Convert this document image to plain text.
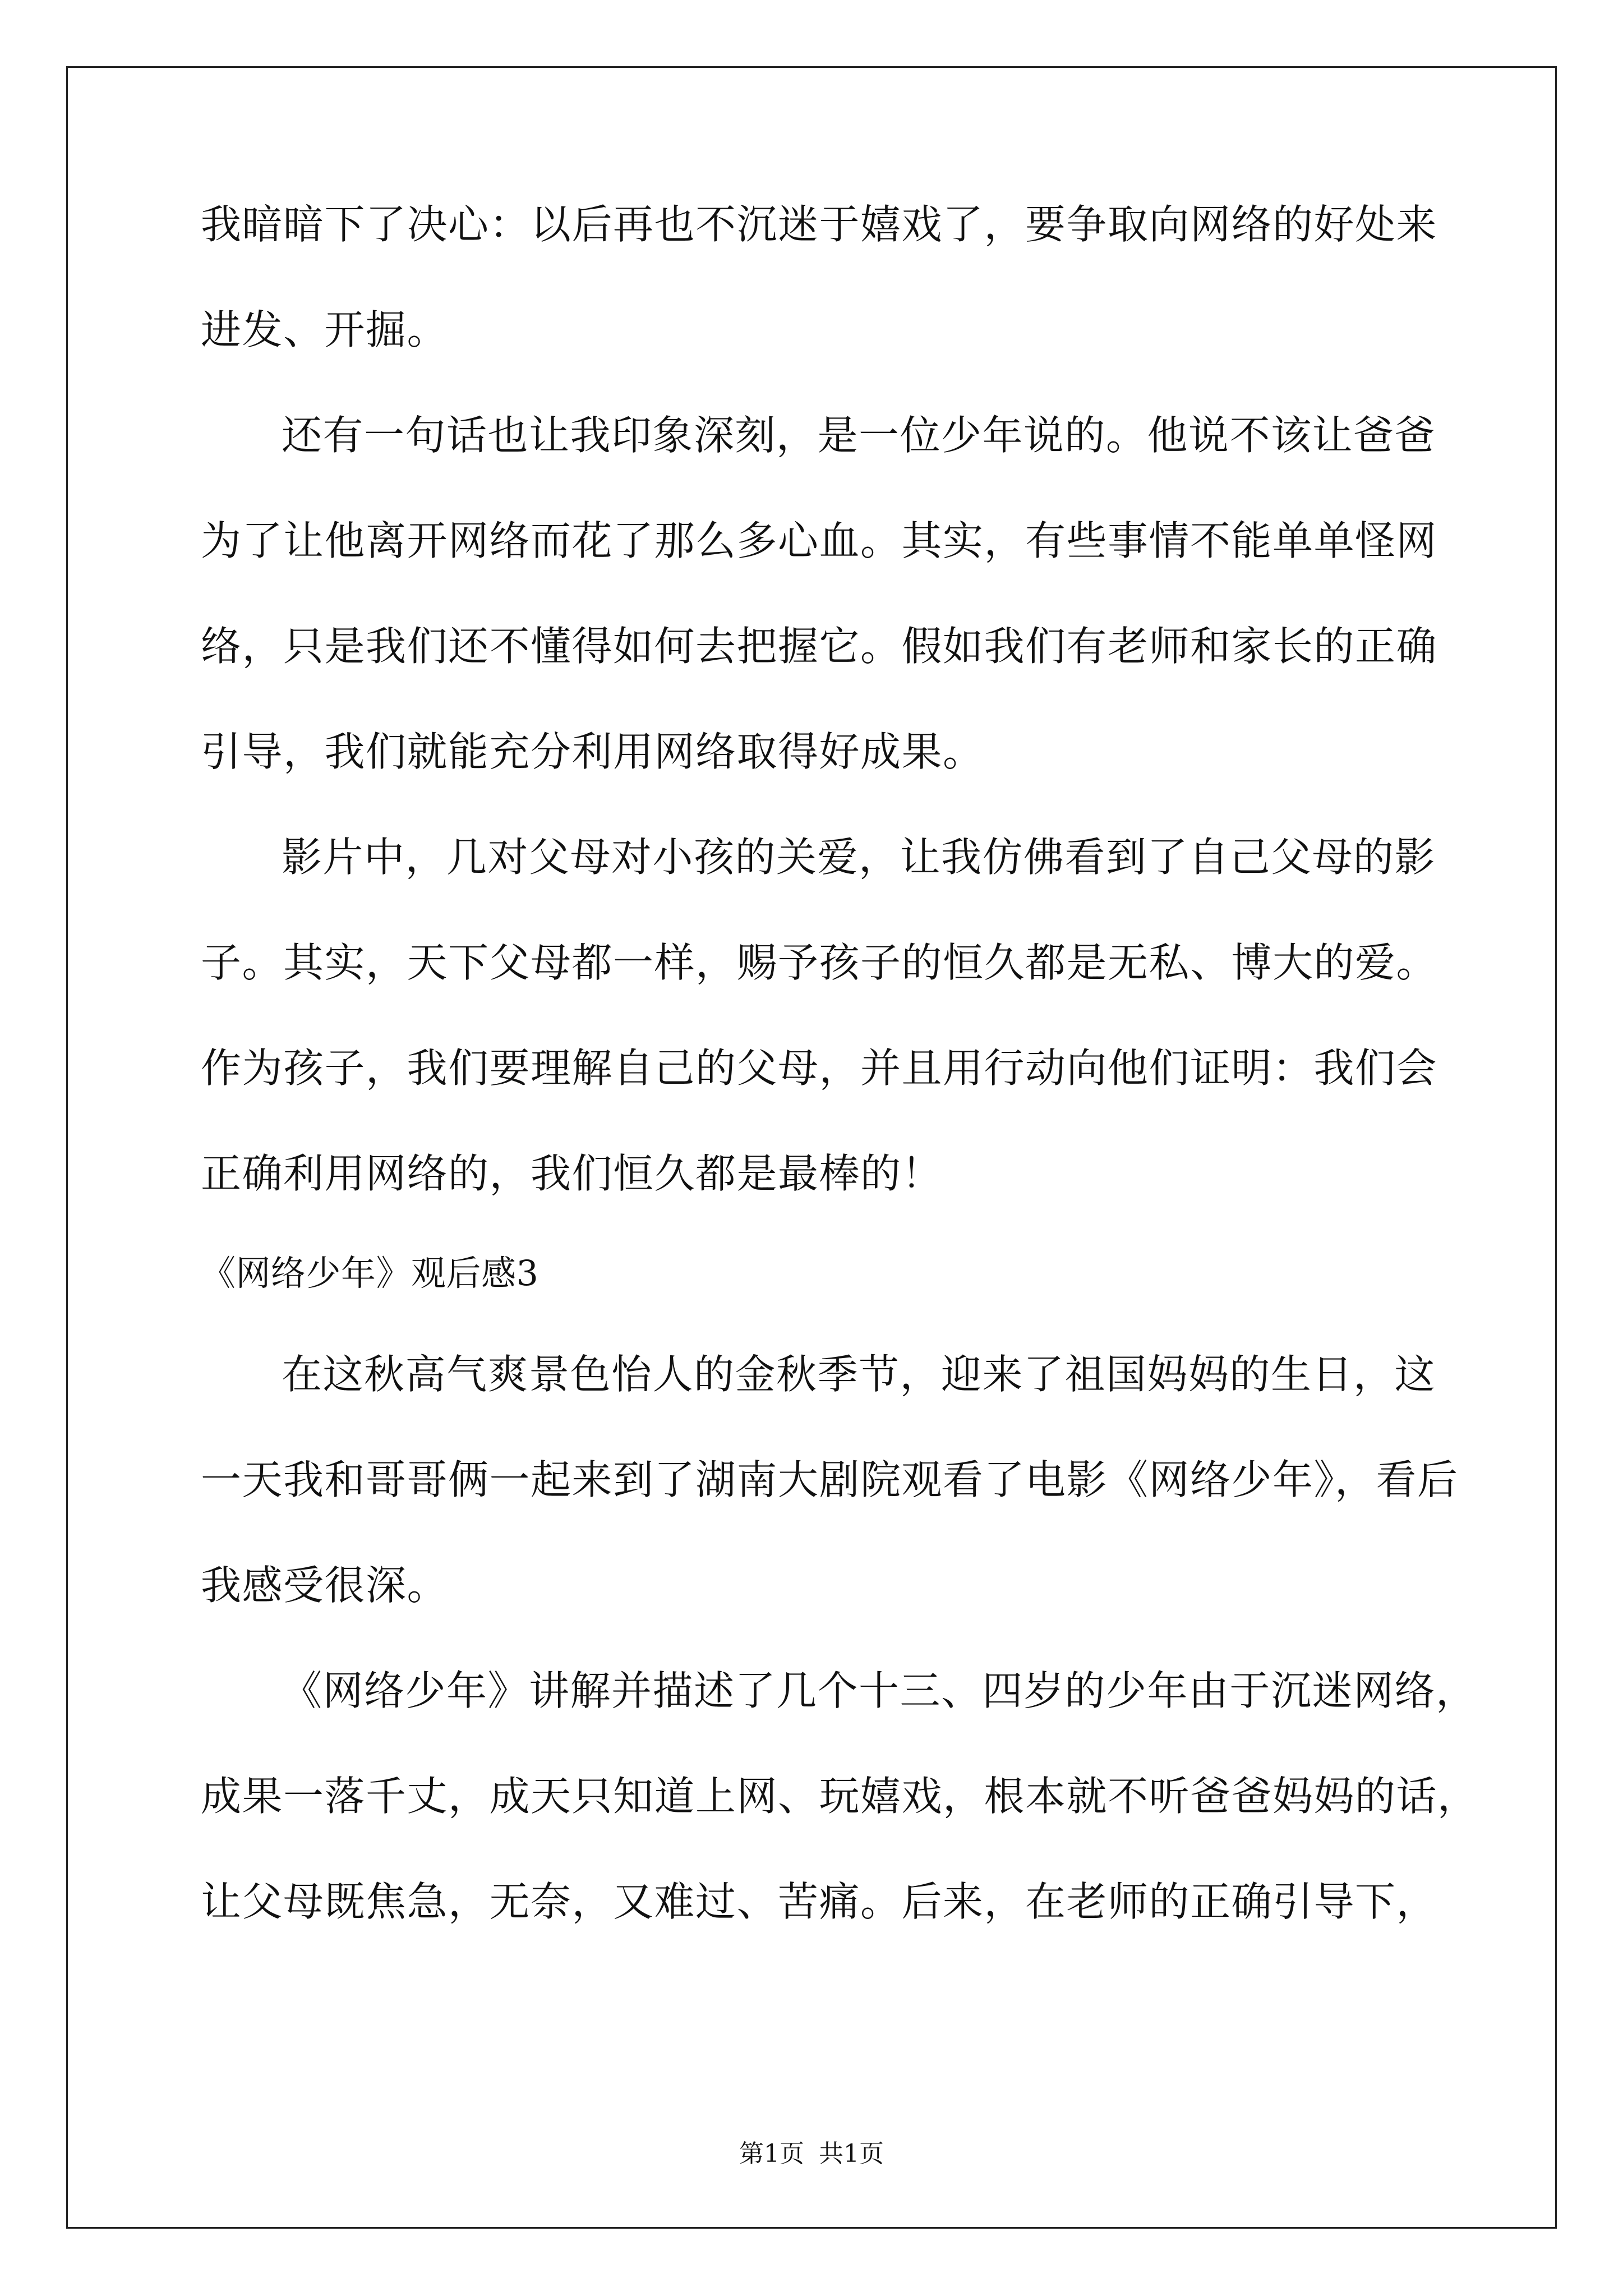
我暗暗下了决心：以后再也不沉迷于嬉戏了，要争取向网络的好处来
进发、开掘。
还有一句话也让我印象深刻，是一位少年说的。他说不该让爸爸
为了让他离开网络而花了那么多心血。其实，有些事情不能单单怪网
络，只是我们还不懂得如何去把握它。假如我们有老师和家长的正确
引导，我们就能充分利用网络取得好成果。
影片中，几对父母对小孩的关爱，让我仿佛看到了自己父母的影
子。其实，天下父母都一样，赐予孩子的恒久都是无私、博大的爱。
作为孩子，我们要理解自己的父母，并且用行动向他们证明：我们会
正确利用网络的，我们恒久都是最棒的！
《网络少年》观后感3
在这秋高气爽景色怡人的金秋季节，迎来了祖国妈妈的生日，这
一天我和哥哥俩一起来到了湖南大剧院观看了电影《网络少年》，看后
我感受很深。
《网络少年》讲解并描述了几个十三、四岁的少年由于沉迷网络，
成果一落千丈，成天只知道上网、玩嬉戏，根本就不听爸爸妈妈的话，
让父母既焦急，无奈，又难过、苦痛。后来，在老师的正确引导下，
第1页 共1页
